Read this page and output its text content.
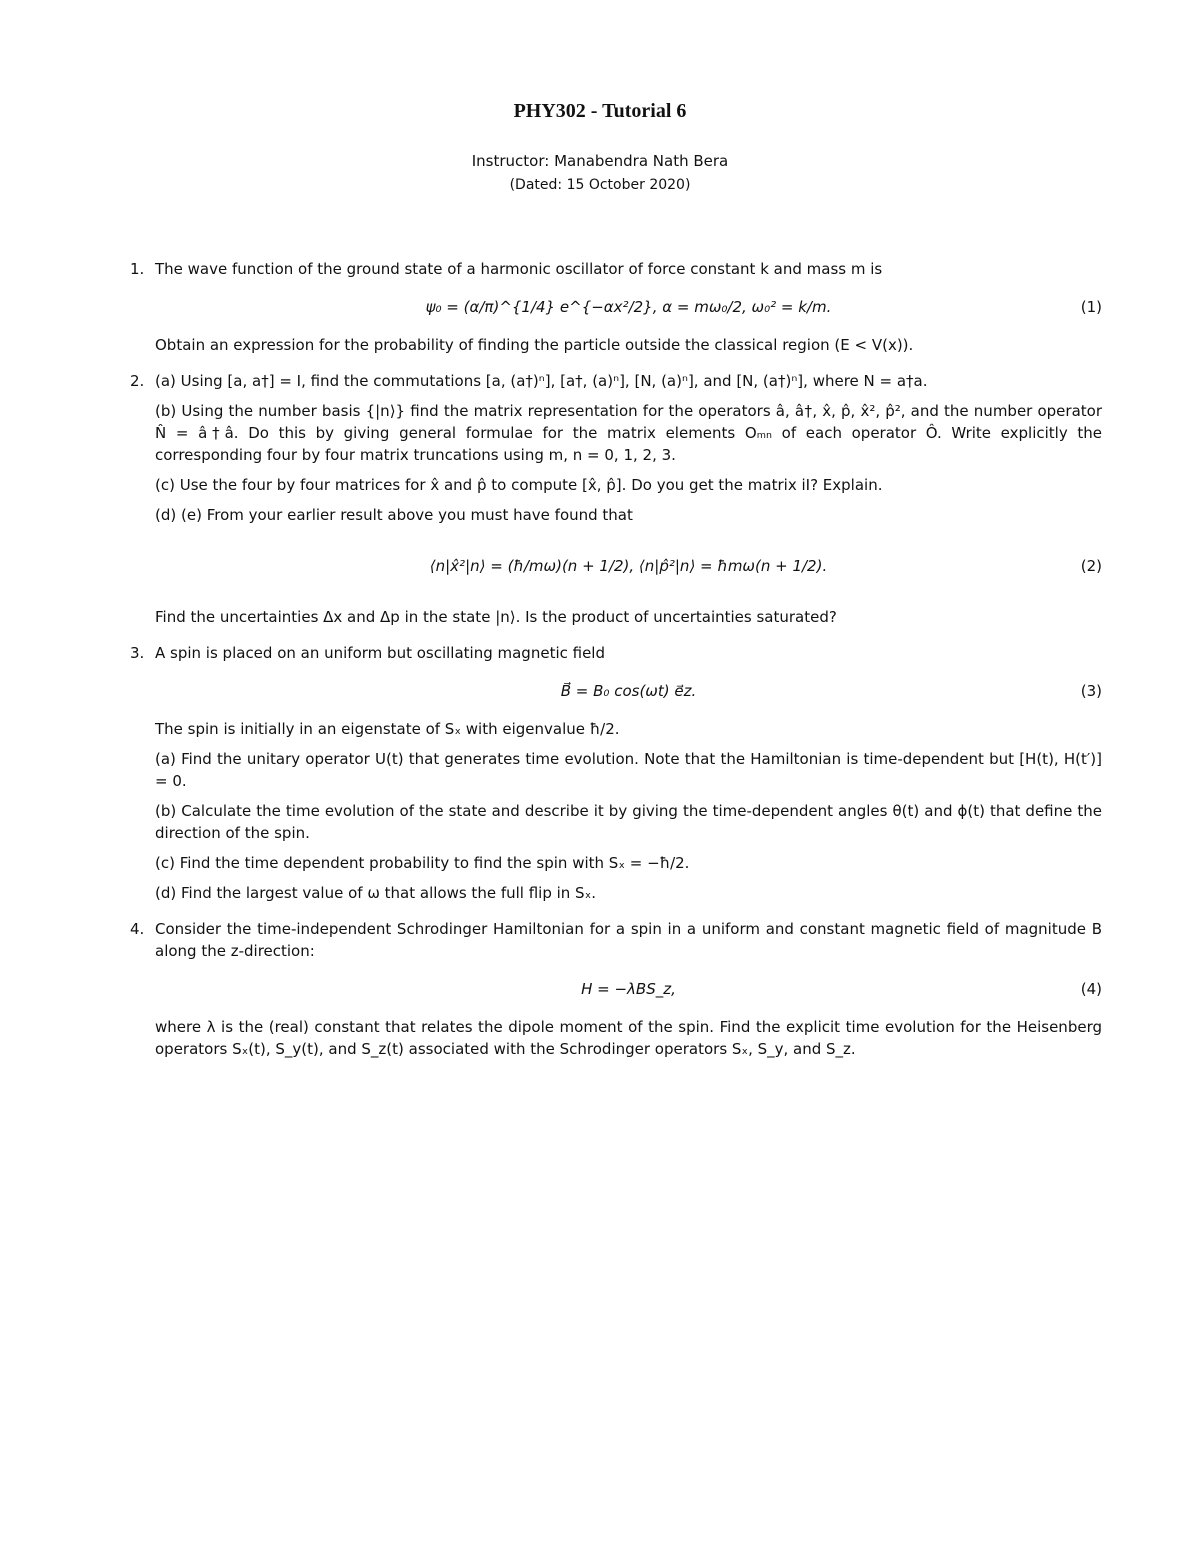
PHY302 - Tutorial 6
Instructor: Manabendra Nath Bera
(Dated: 15 October 2020)
1. The wave function of the ground state of a harmonic oscillator of force constant k and mass m is

ψ₀ = (α/π)^{1/4} e^{−αx²/2}, α = mω₀/2, ω₀² = k/m.	(1)

Obtain an expression for the probability of finding the particle outside the classical region (E < V(x)).

2. (a) Using [a, a†] = I, find the commutations [a, (a†)ⁿ], [a†, (a)ⁿ], [N, (a)ⁿ], and [N, (a†)ⁿ], where N = a†a.

(b) Using the number basis {|n⟩} find the matrix representation for the operators â, â†, x̂, p̂, x̂², p̂², and the number operator N̂ = â†â. Do this by giving general formulae for the matrix elements Oₘₙ of each operator Ô. Write explicitly the corresponding four by four matrix truncations using m, n = 0, 1, 2, 3.

(c) Use the four by four matrices for x̂ and p̂ to compute [x̂, p̂]. Do you get the matrix iI? Explain.

(d) (e) From your earlier result above you must have found that

⟨n|x̂²|n⟩ = (ħ/mω)(n + 1/2), ⟨n|p̂²|n⟩ = ħmω(n + 1/2).	(2)

Find the uncertainties Δx and Δp in the state |n⟩. Is the product of uncertainties saturated?

3. A spin is placed on an uniform but oscillating magnetic field

B⃗ = B₀ cos(ωt) e⃗z.	(3)

The spin is initially in an eigenstate of Sₓ with eigenvalue ħ/2.

(a) Find the unitary operator U(t) that generates time evolution. Note that the Hamiltonian is time-dependent but [H(t), H(t′)] = 0.

(b) Calculate the time evolution of the state and describe it by giving the time-dependent angles θ(t) and ϕ(t) that define the direction of the spin.

(c) Find the time dependent probability to find the spin with Sₓ = −ħ/2.

(d) Find the largest value of ω that allows the full flip in Sₓ.

4. Consider the time-independent Schrodinger Hamiltonian for a spin in a uniform and constant magnetic field of magnitude B along the z-direction:

H = −λBS_z,	(4)

where λ is the (real) constant that relates the dipole moment of the spin. Find the explicit time evolution for the Heisenberg operators Sₓ(t), S_y(t), and S_z(t) associated with the Schrodinger operators Sₓ, S_y, and S_z.
